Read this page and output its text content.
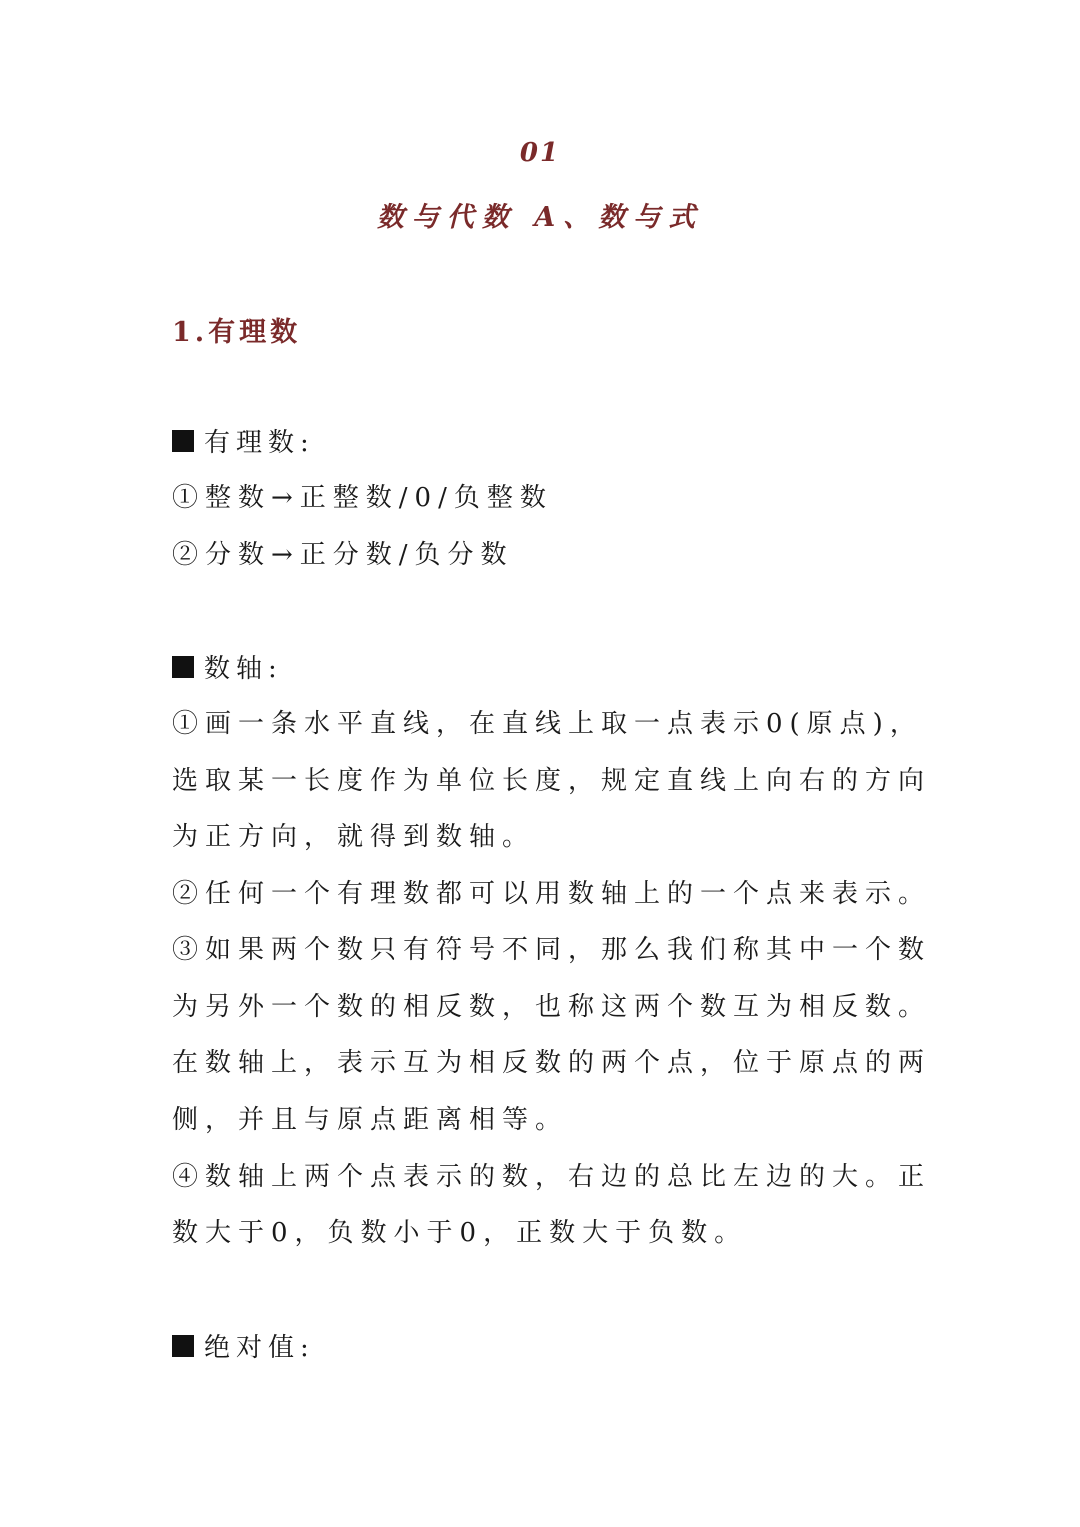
01
数与代数 A、数与式
1.有理数
有理数:
①整数→正整数/0/负整数
②分数→正分数/负分数
数轴:
①画一条水平直线，在直线上取一点表示0(原点)，
选取某一长度作为单位长度，规定直线上向右的方向
为正方向，就得到数轴。
②任何一个有理数都可以用数轴上的一个点来表示。
③如果两个数只有符号不同，那么我们称其中一个数
为另外一个数的相反数，也称这两个数互为相反数。
在数轴上，表示互为相反数的两个点，位于原点的两
侧，并且与原点距离相等。
④数轴上两个点表示的数，右边的总比左边的大。正
数大于0，负数小于0，正数大于负数。
绝对值:
